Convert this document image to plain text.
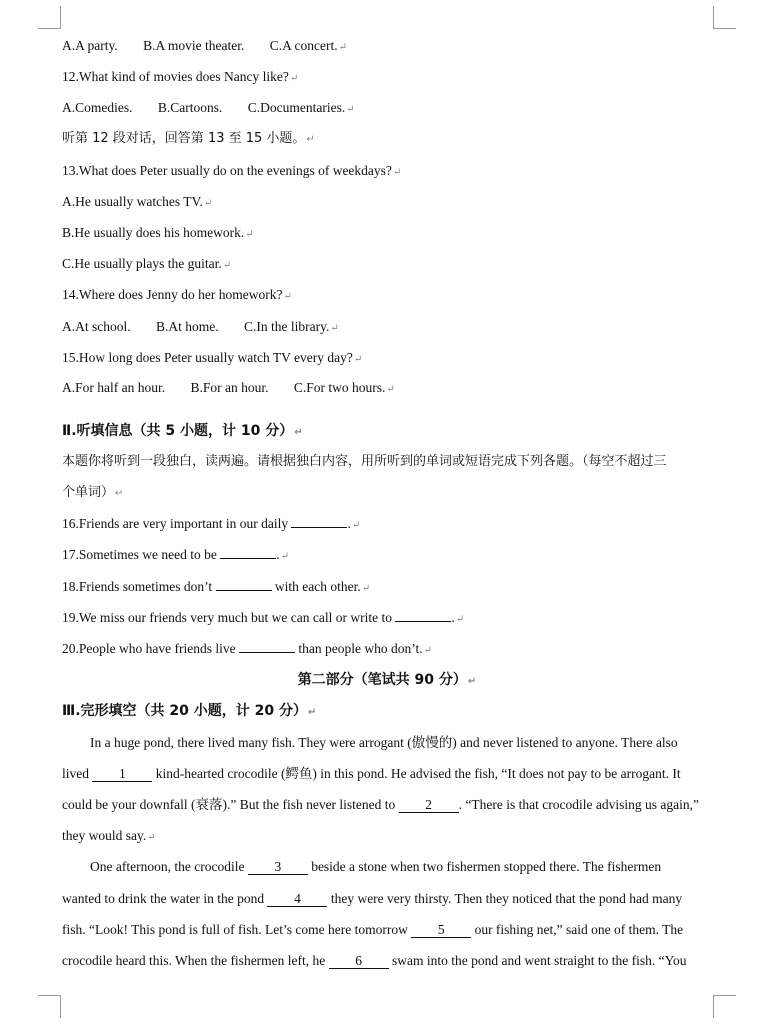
A.A party. B.A movie theater. C.A concert.↵
12.What kind of movies does Nancy like?↵
A.Comedies. B.Cartoons. C.Documentaries.↵
听第 12 段对话，回答第 13 至 15 小题。↵
13.What does Peter usually do on the evenings of weekdays?↵
A.He usually watches TV.↵
B.He usually does his homework.↵
C.He usually plays the guitar.↵
14.Where does Jenny do her homework?↵
A.At school. B.At home. C.In the library.↵
15.How long does Peter usually watch TV every day?↵
A.For half an hour. B.For an hour. C.For two hours.↵
Ⅱ.听填信息（共 5 小题，计 10 分）↵
本题你将听到一段独白，读两遍。请根据独白内容，用所听到的单词或短语完成下列各题。（每空不超过三
个单词）↵
16.Friends are very important in our daily	.↵
17.Sometimes we need to be	.↵
18.Friends sometimes don’t	with each other.↵
19.We miss our friends very much but we can call or write to	.↵
20.People who have friends live	than people who don’t.↵
第二部分（笔试共 90 分）↵
Ⅲ.完形填空（共 20 小题，计 20 分）↵
In a huge pond, there lived many fish. They were arrogant (傲慢的) and never listened to anyone. There also
lived 1 kind-hearted crocodile (鳄鱼) in this pond. He advised the fish, “It does not pay to be arrogant. It
could be your downfall (衰落).” But the fish never listened to 2 . “There is that crocodile advising us again,”
they would say.↵
One afternoon, the crocodile 3 beside a stone when two fishermen stopped there. The fishermen
wanted to drink the water in the pond 4 they were very thirsty. Then they noticed that the pond had many
fish. “Look! This pond is full of fish. Let’s come here tomorrow 5 our fishing net,” said one of them. The
crocodile heard this. When the fishermen left, he 6 swam into the pond and went straight to the fish. “You
